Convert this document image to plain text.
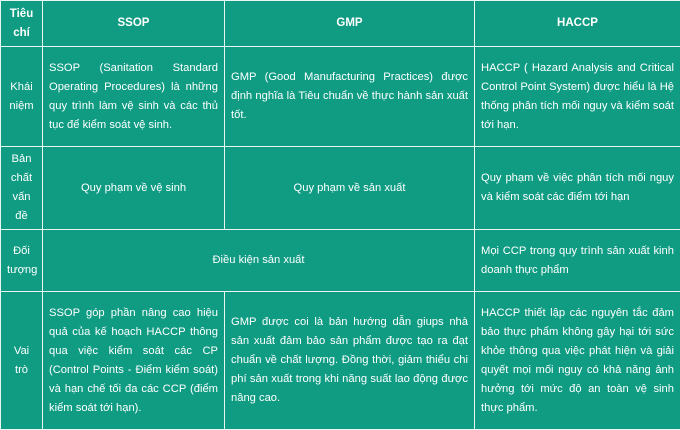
Tiêu chí	SSOP	GMP	HACCP
Khái niệm	SSOP (Sanitation Standard Operating Procedures) là những quy trình làm vệ sinh và các thủ tục để kiểm soát vệ sinh.	GMP (Good Manufacturing Practices) được định nghĩa là Tiêu chuẩn về thực hành sản xuất tốt.	HACCP ( Hazard Analysis and Critical Control Point System) được hiểu là Hệ thống phân tích mối nguy và kiểm soát tới hạn.
Bản chất vấn đề	Quy phạm về vệ sinh	Quy phạm về sản xuất	Quy phạm về việc phân tích mối nguy và kiểm soát các điểm tới hạn
Đối tượng	Điều kiện sản xuất		Mọi CCP trong quy trình sản xuất kinh doanh thực phẩm
Vai trò	SSOP góp phần nâng cao hiệu quả của kế hoạch HACCP thông qua việc kiểm soát các CP (Control Points - Điểm kiểm soát) và hạn chế tối đa các CCP (điểm kiểm soát tới hạn).	GMP được coi là bản hướng dẫn giups nhà sản xuất đảm bảo sản phẩm được tạo ra đạt chuẩn về chất lượng. Đồng thời, giảm thiểu chi phí sản xuất trong khi năng suất lao động được nâng cao.	HACCP thiết lập các nguyên tắc đảm bảo thực phẩm không gây hại tới sức khỏe thông qua việc phát hiện và giải quyết mọi mối nguy có khả năng ảnh hưởng tới mức độ an toàn vệ sinh thực phẩm.
